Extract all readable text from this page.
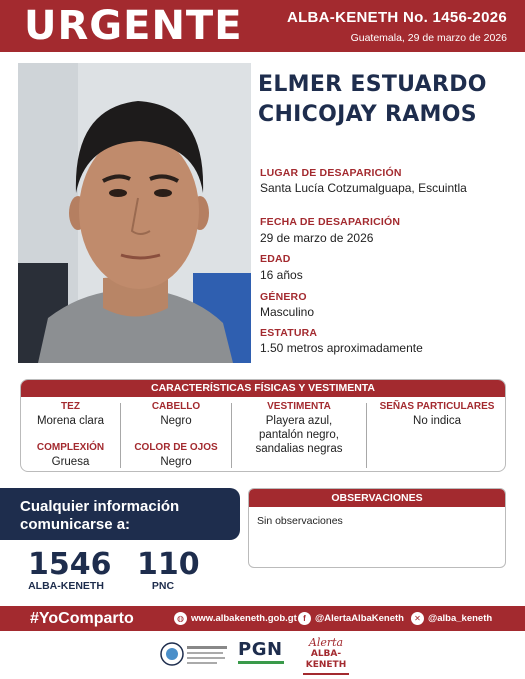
URGENTE	ALBA-KENETH No. 1456-2026
Guatemala, 29 de marzo de 2026
ELMER ESTUARDO
CHICOJAY RAMOS
LUGAR DE DESAPARICIÓN
Santa Lucía Cotzumalguapa, Escuintla
FECHA DE DESAPARICIÓN
29 de marzo de 2026
EDAD
16 años
GÉNERO
Masculino
ESTATURA
1.50 metros aproximadamente
CARACTERÍSTICAS FÍSICAS Y VESTIMENTA
TEZ
Morena clara
COMPLEXIÓN
Gruesa
CABELLO
Negro
COLOR DE OJOS
Negro
VESTIMENTA
Playera azul,
pantalón negro,
sandalias negras
SEÑAS PARTICULARES
No indica
Cualquier información
comunicarse a:
1546
ALBA-KENETH
110
PNC
OBSERVACIONES
Sin observaciones
#YoComparto	◍ www.albakeneth.gob.gt f @AlertaAlbaKeneth	✕ @alba_keneth
PGN	Alerta
ALBA-KENETH
